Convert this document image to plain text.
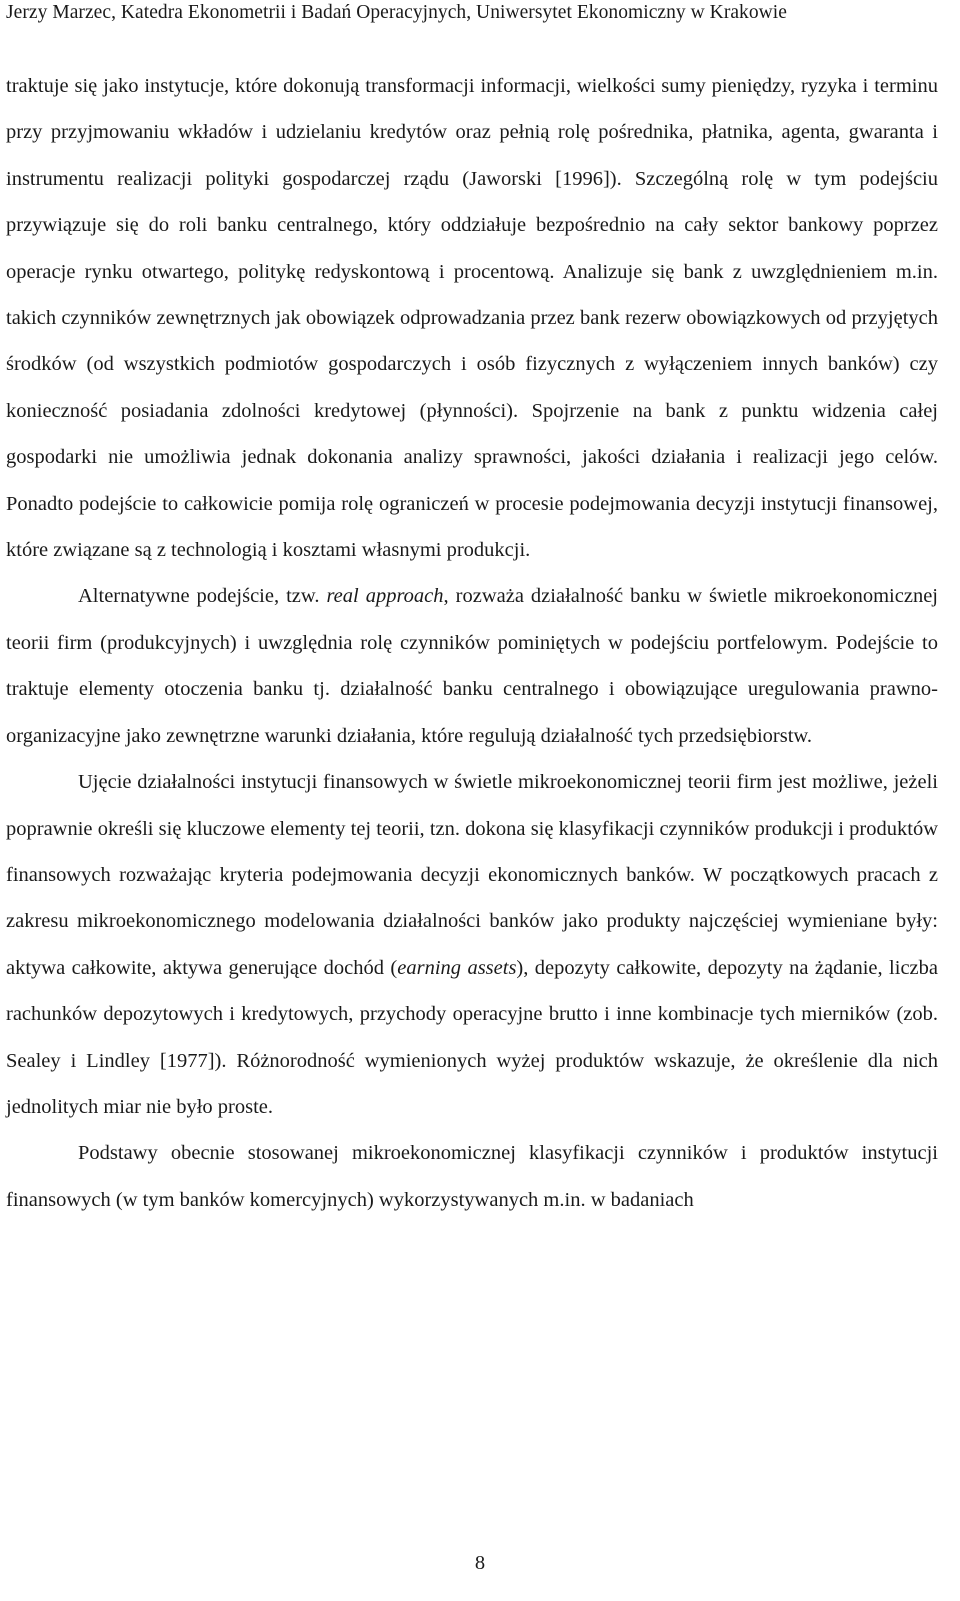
Jerzy Marzec, Katedra Ekonometrii i Badań Operacyjnych, Uniwersytet Ekonomiczny w Krakowie

traktuje się jako instytucje, które dokonują transformacji informacji, wielkości sumy pieniędzy, ryzyka i terminu przy przyjmowaniu wkładów i udzielaniu kredytów oraz pełnią rolę pośrednika, płatnika, agenta, gwaranta i instrumentu realizacji polityki gospodarczej rządu (Jaworski [1996]). Szczególną rolę w tym podejściu przywiązuje się do roli banku centralnego, który oddziałuje bezpośrednio na cały sektor bankowy poprzez operacje rynku otwartego, politykę redyskontową i procentową. Analizuje się bank z uwzględnieniem m.in. takich czynników zewnętrznych jak obowiązek odprowadzania przez bank rezerw obowiązkowych od przyjętych środków (od wszystkich podmiotów gospodarczych i osób fizycznych z wyłączeniem innych banków) czy konieczność posiadania zdolności kredytowej (płynności). Spojrzenie na bank z punktu widzenia całej gospodarki nie umożliwia jednak dokonania analizy sprawności, jakości działania i realizacji jego celów. Ponadto podejście to całkowicie pomija rolę ograniczeń w procesie podejmowania decyzji instytucji finansowej, które związane są z technologią i kosztami własnymi produkcji.

Alternatywne podejście, tzw. real approach, rozważa działalność banku w świetle mikroekonomicznej teorii firm (produkcyjnych) i uwzględnia rolę czynników pominiętych w podejściu portfelowym. Podejście to traktuje elementy otoczenia banku tj. działalność banku centralnego i obowiązujące uregulowania prawno-organizacyjne jako zewnętrzne warunki działania, które regulują działalność tych przedsiębiorstw.

Ujęcie działalności instytucji finansowych w świetle mikroekonomicznej teorii firm jest możliwe, jeżeli poprawnie określi się kluczowe elementy tej teorii, tzn. dokona się klasyfikacji czynników produkcji i produktów finansowych rozważając kryteria podejmowania decyzji ekonomicznych banków. W początkowych pracach z zakresu mikroekonomicznego modelowania działalności banków jako produkty najczęściej wymieniane były: aktywa całkowite, aktywa generujące dochód (earning assets), depozyty całkowite, depozyty na żądanie, liczba rachunków depozytowych i kredytowych, przychody operacyjne brutto i inne kombinacje tych mierników (zob. Sealey i Lindley [1977]). Różnorodność wymienionych wyżej produktów wskazuje, że określenie dla nich jednolitych miar nie było proste.

Podstawy obecnie stosowanej mikroekonomicznej klasyfikacji czynników i produktów instytucji finansowych (w tym banków komercyjnych) wykorzystywanych m.in. w badaniach

8
